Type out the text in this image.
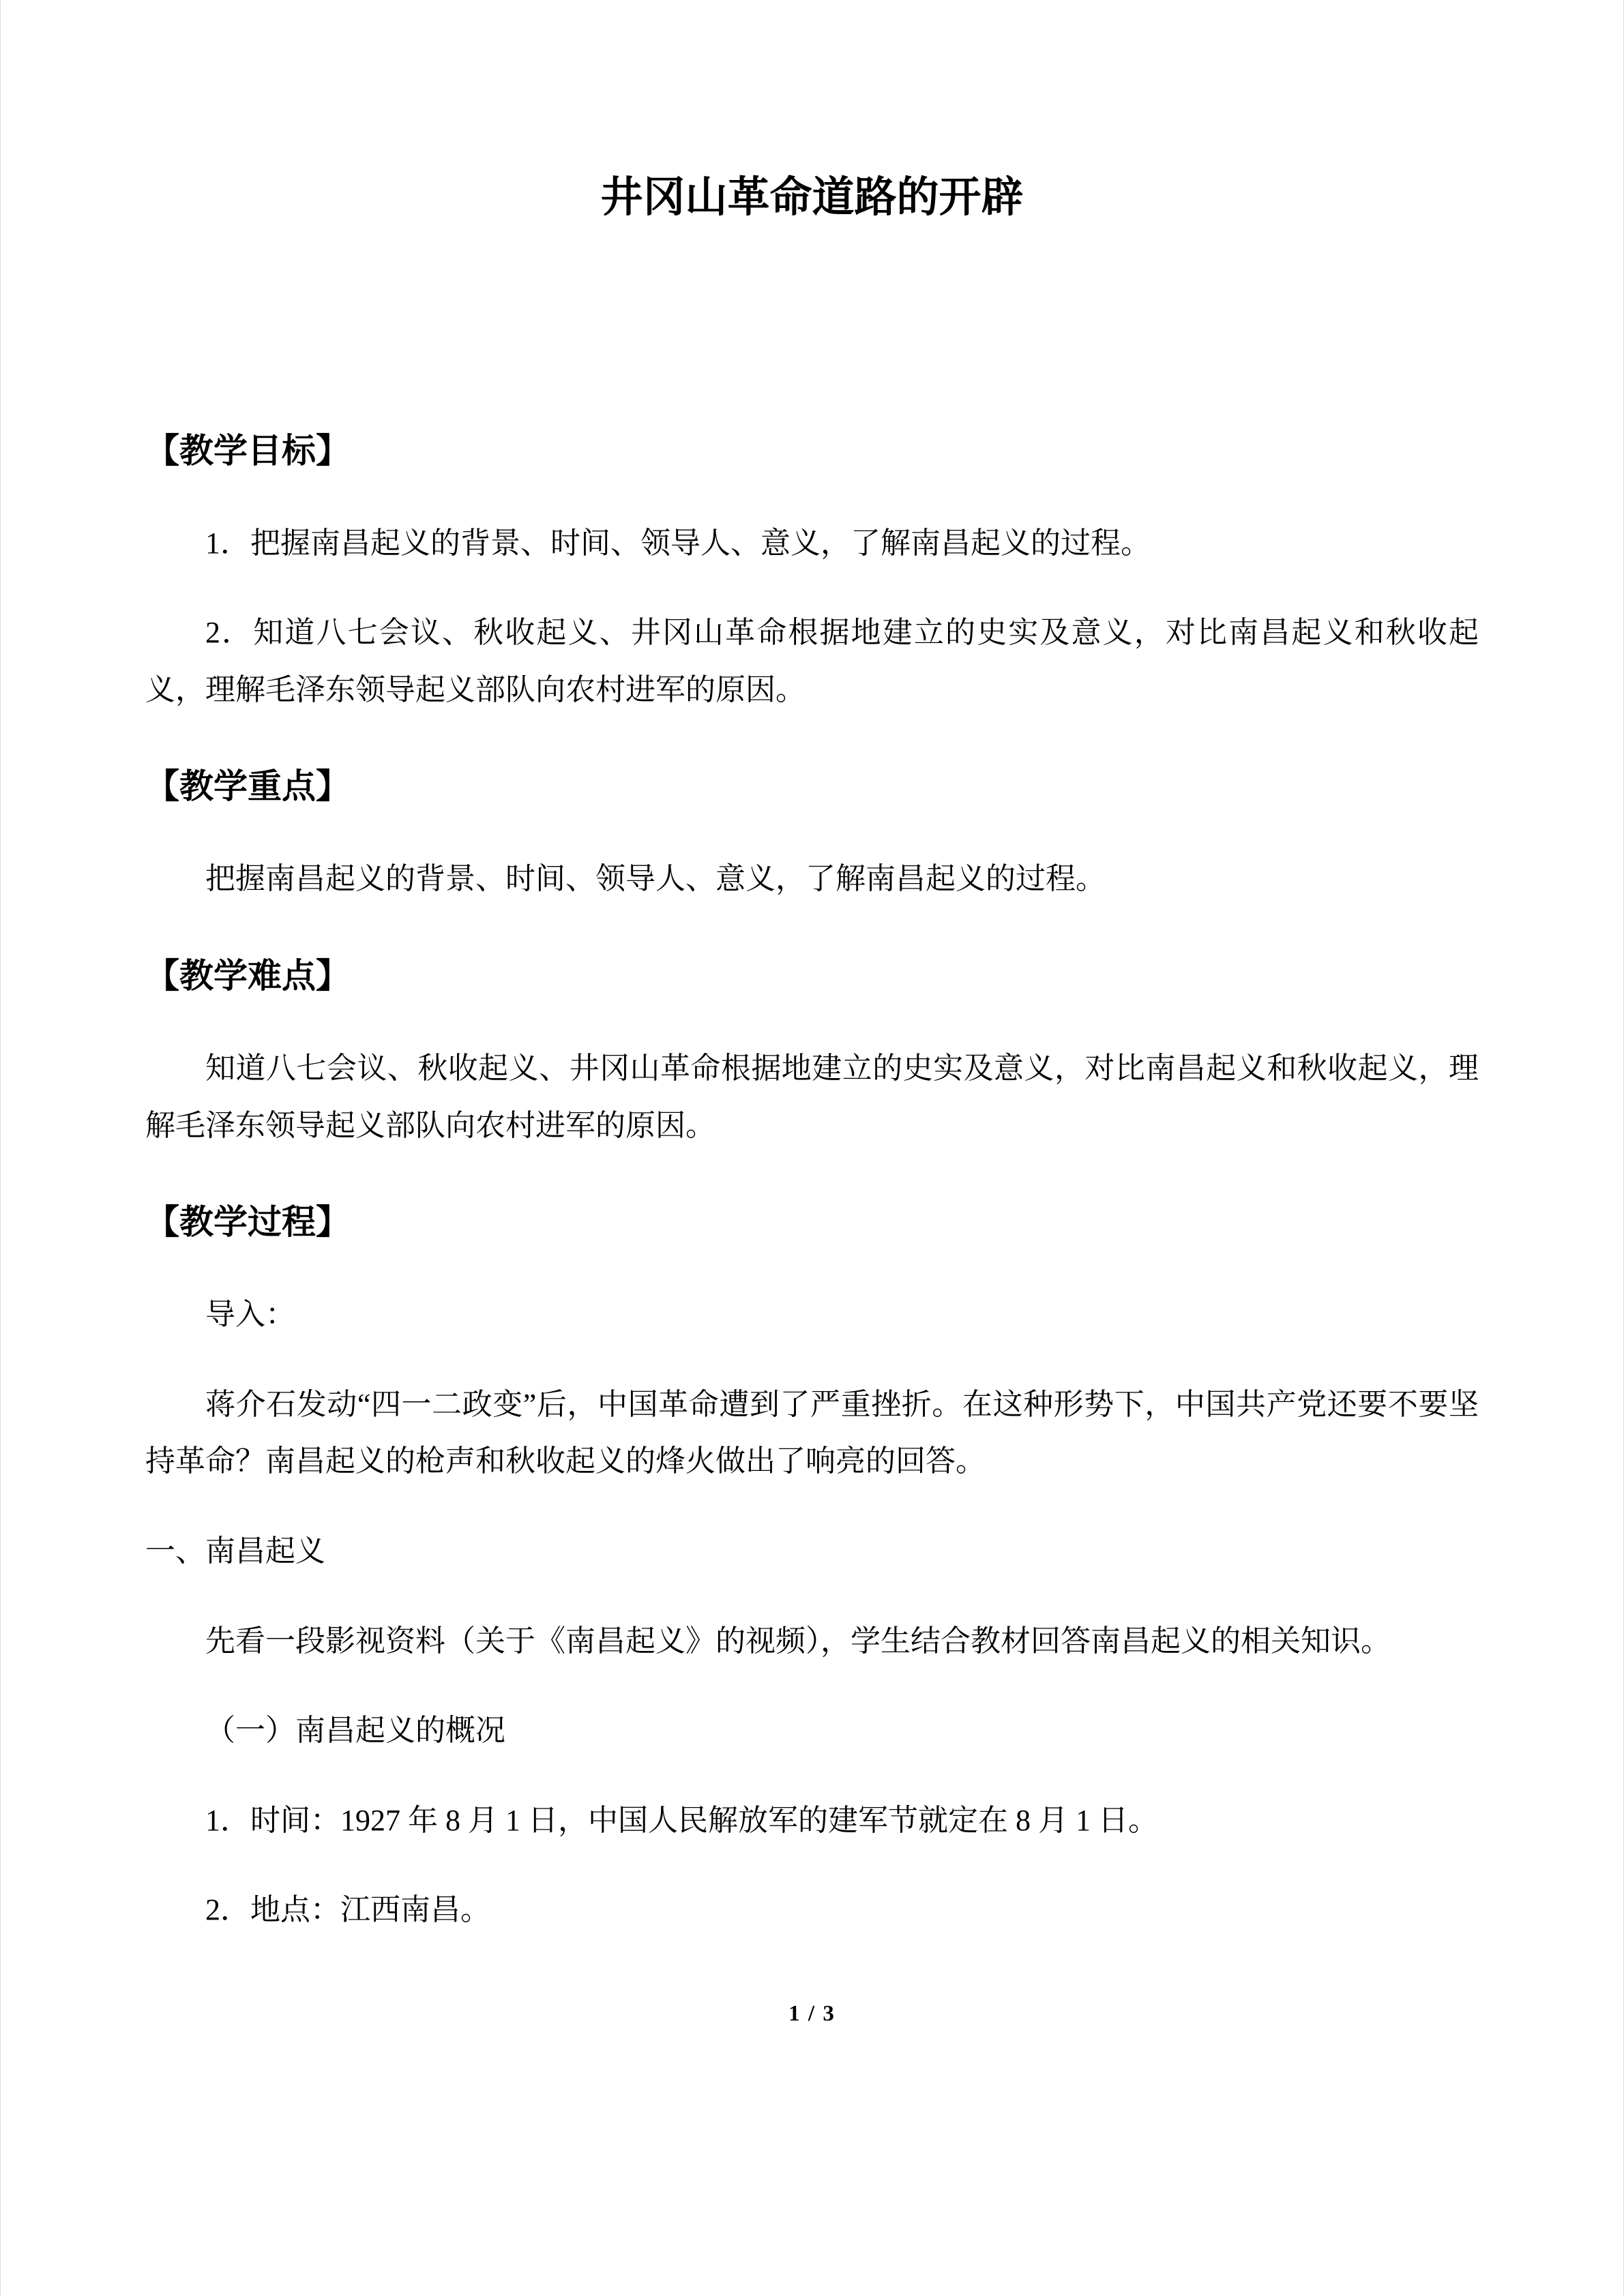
井冈山革命道路的开辟
【教学目标】

1．把握南昌起义的背景、时间、领导人、意义，了解南昌起义的过程。

2．知道八七会议、秋收起义、井冈山革命根据地建立的史实及意义，对比南昌起义和秋收起义，理解毛泽东领导起义部队向农村进军的原因。

【教学重点】

把握南昌起义的背景、时间、领导人、意义，了解南昌起义的过程。

【教学难点】

知道八七会议、秋收起义、井冈山革命根据地建立的史实及意义，对比南昌起义和秋收起义，理解毛泽东领导起义部队向农村进军的原因。

【教学过程】

导入：

蒋介石发动“四一二政变”后，中国革命遭到了严重挫折。在这种形势下，中国共产党还要不要坚持革命？南昌起义的枪声和秋收起义的烽火做出了响亮的回答。

一、南昌起义

先看一段影视资料（关于《南昌起义》的视频），学生结合教材回答南昌起义的相关知识。

（一）南昌起义的概况

1．时间：1927 年 8 月 1 日，中国人民解放军的建军节就定在 8 月 1 日。

2．地点：江西南昌。

1 / 3
